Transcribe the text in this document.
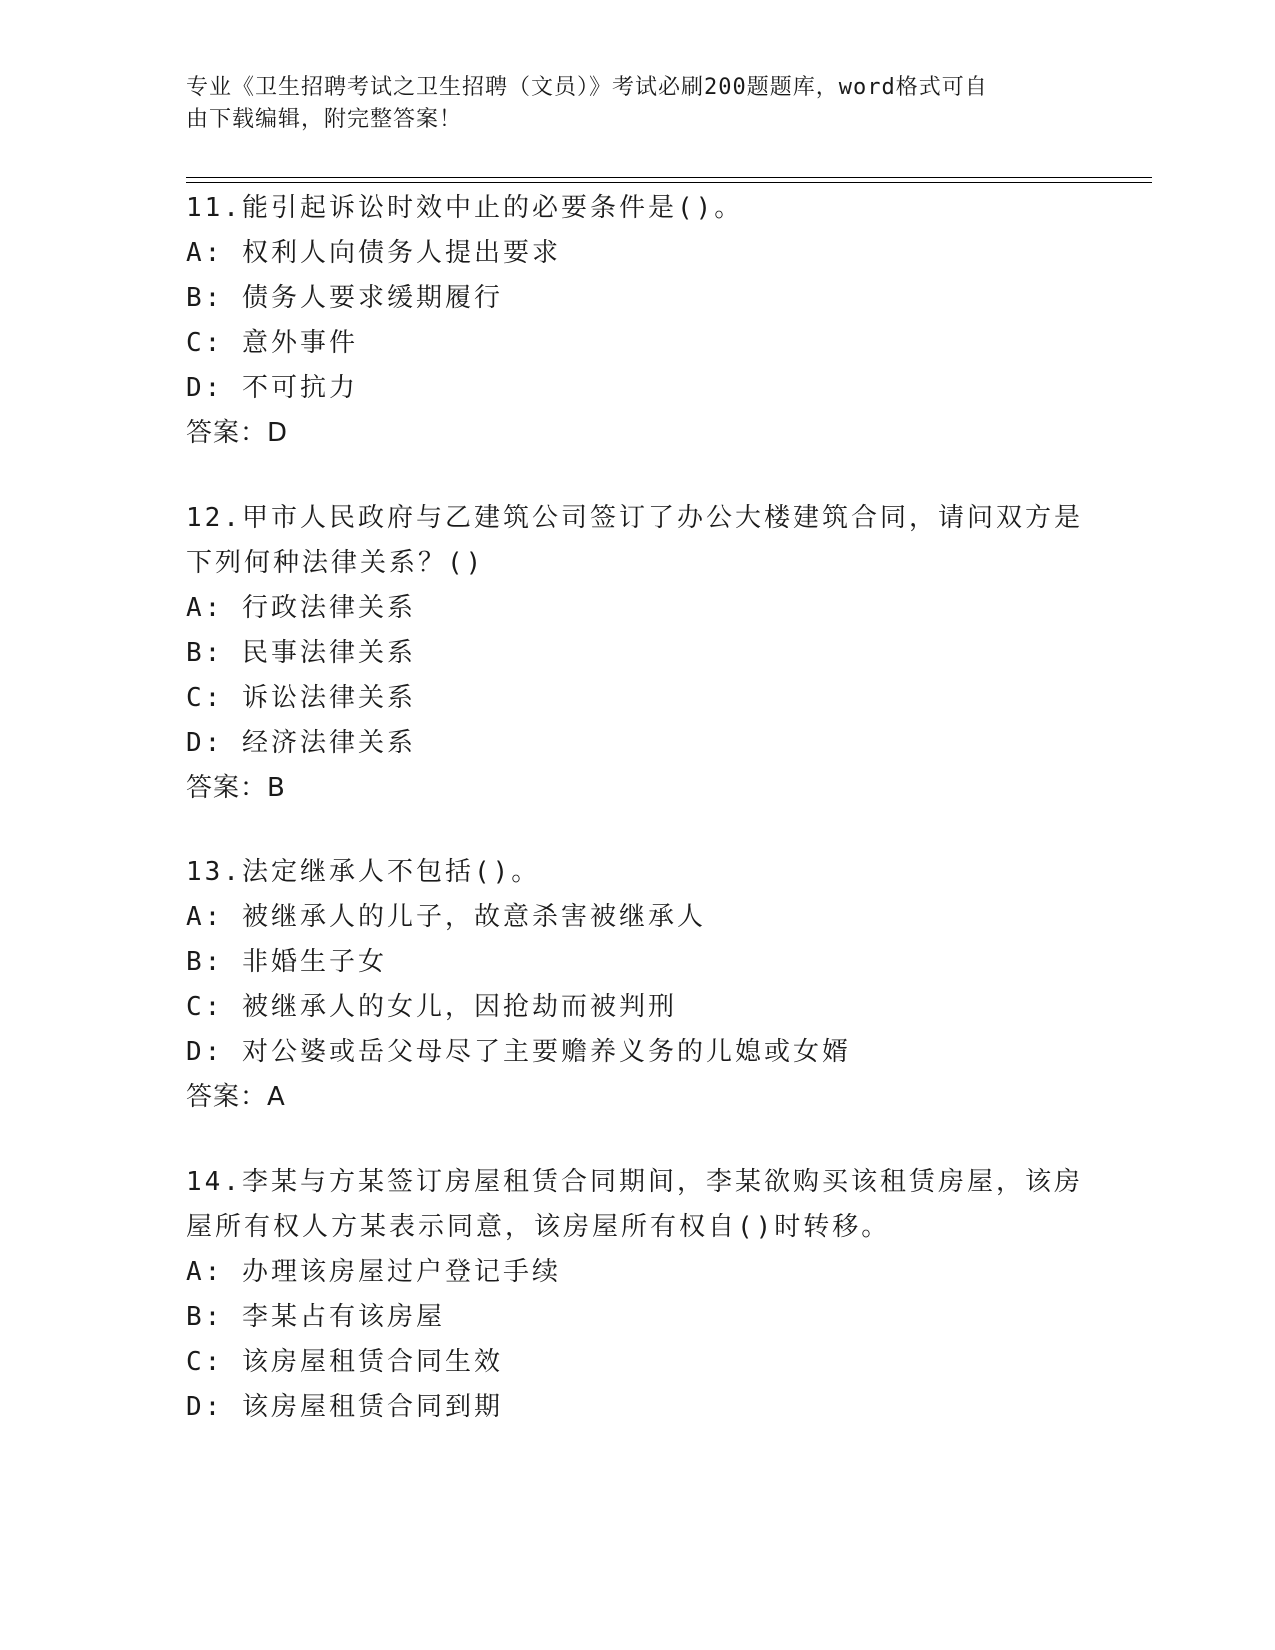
专业《卫生招聘考试之卫生招聘（文员）》考试必刷200题题库，word格式可自
由下载编辑，附完整答案！

11.能引起诉讼时效中止的必要条件是()。

A: 权利人向债务人提出要求

B: 债务人要求缓期履行

C: 意外事件

D: 不可抗力

答案：D

12.甲市人民政府与乙建筑公司签订了办公大楼建筑合同，请问双方是

下列何种法律关系？()

A: 行政法律关系

B: 民事法律关系

C: 诉讼法律关系

D: 经济法律关系

答案：B

13.法定继承人不包括()。

A: 被继承人的儿子，故意杀害被继承人

B: 非婚生子女

C: 被继承人的女儿，因抢劫而被判刑

D: 对公婆或岳父母尽了主要赡养义务的儿媳或女婿

答案：A

14.李某与方某签订房屋租赁合同期间，李某欲购买该租赁房屋，该房

屋所有权人方某表示同意，该房屋所有权自()时转移。

A: 办理该房屋过户登记手续

B: 李某占有该房屋

C: 该房屋租赁合同生效

D: 该房屋租赁合同到期
